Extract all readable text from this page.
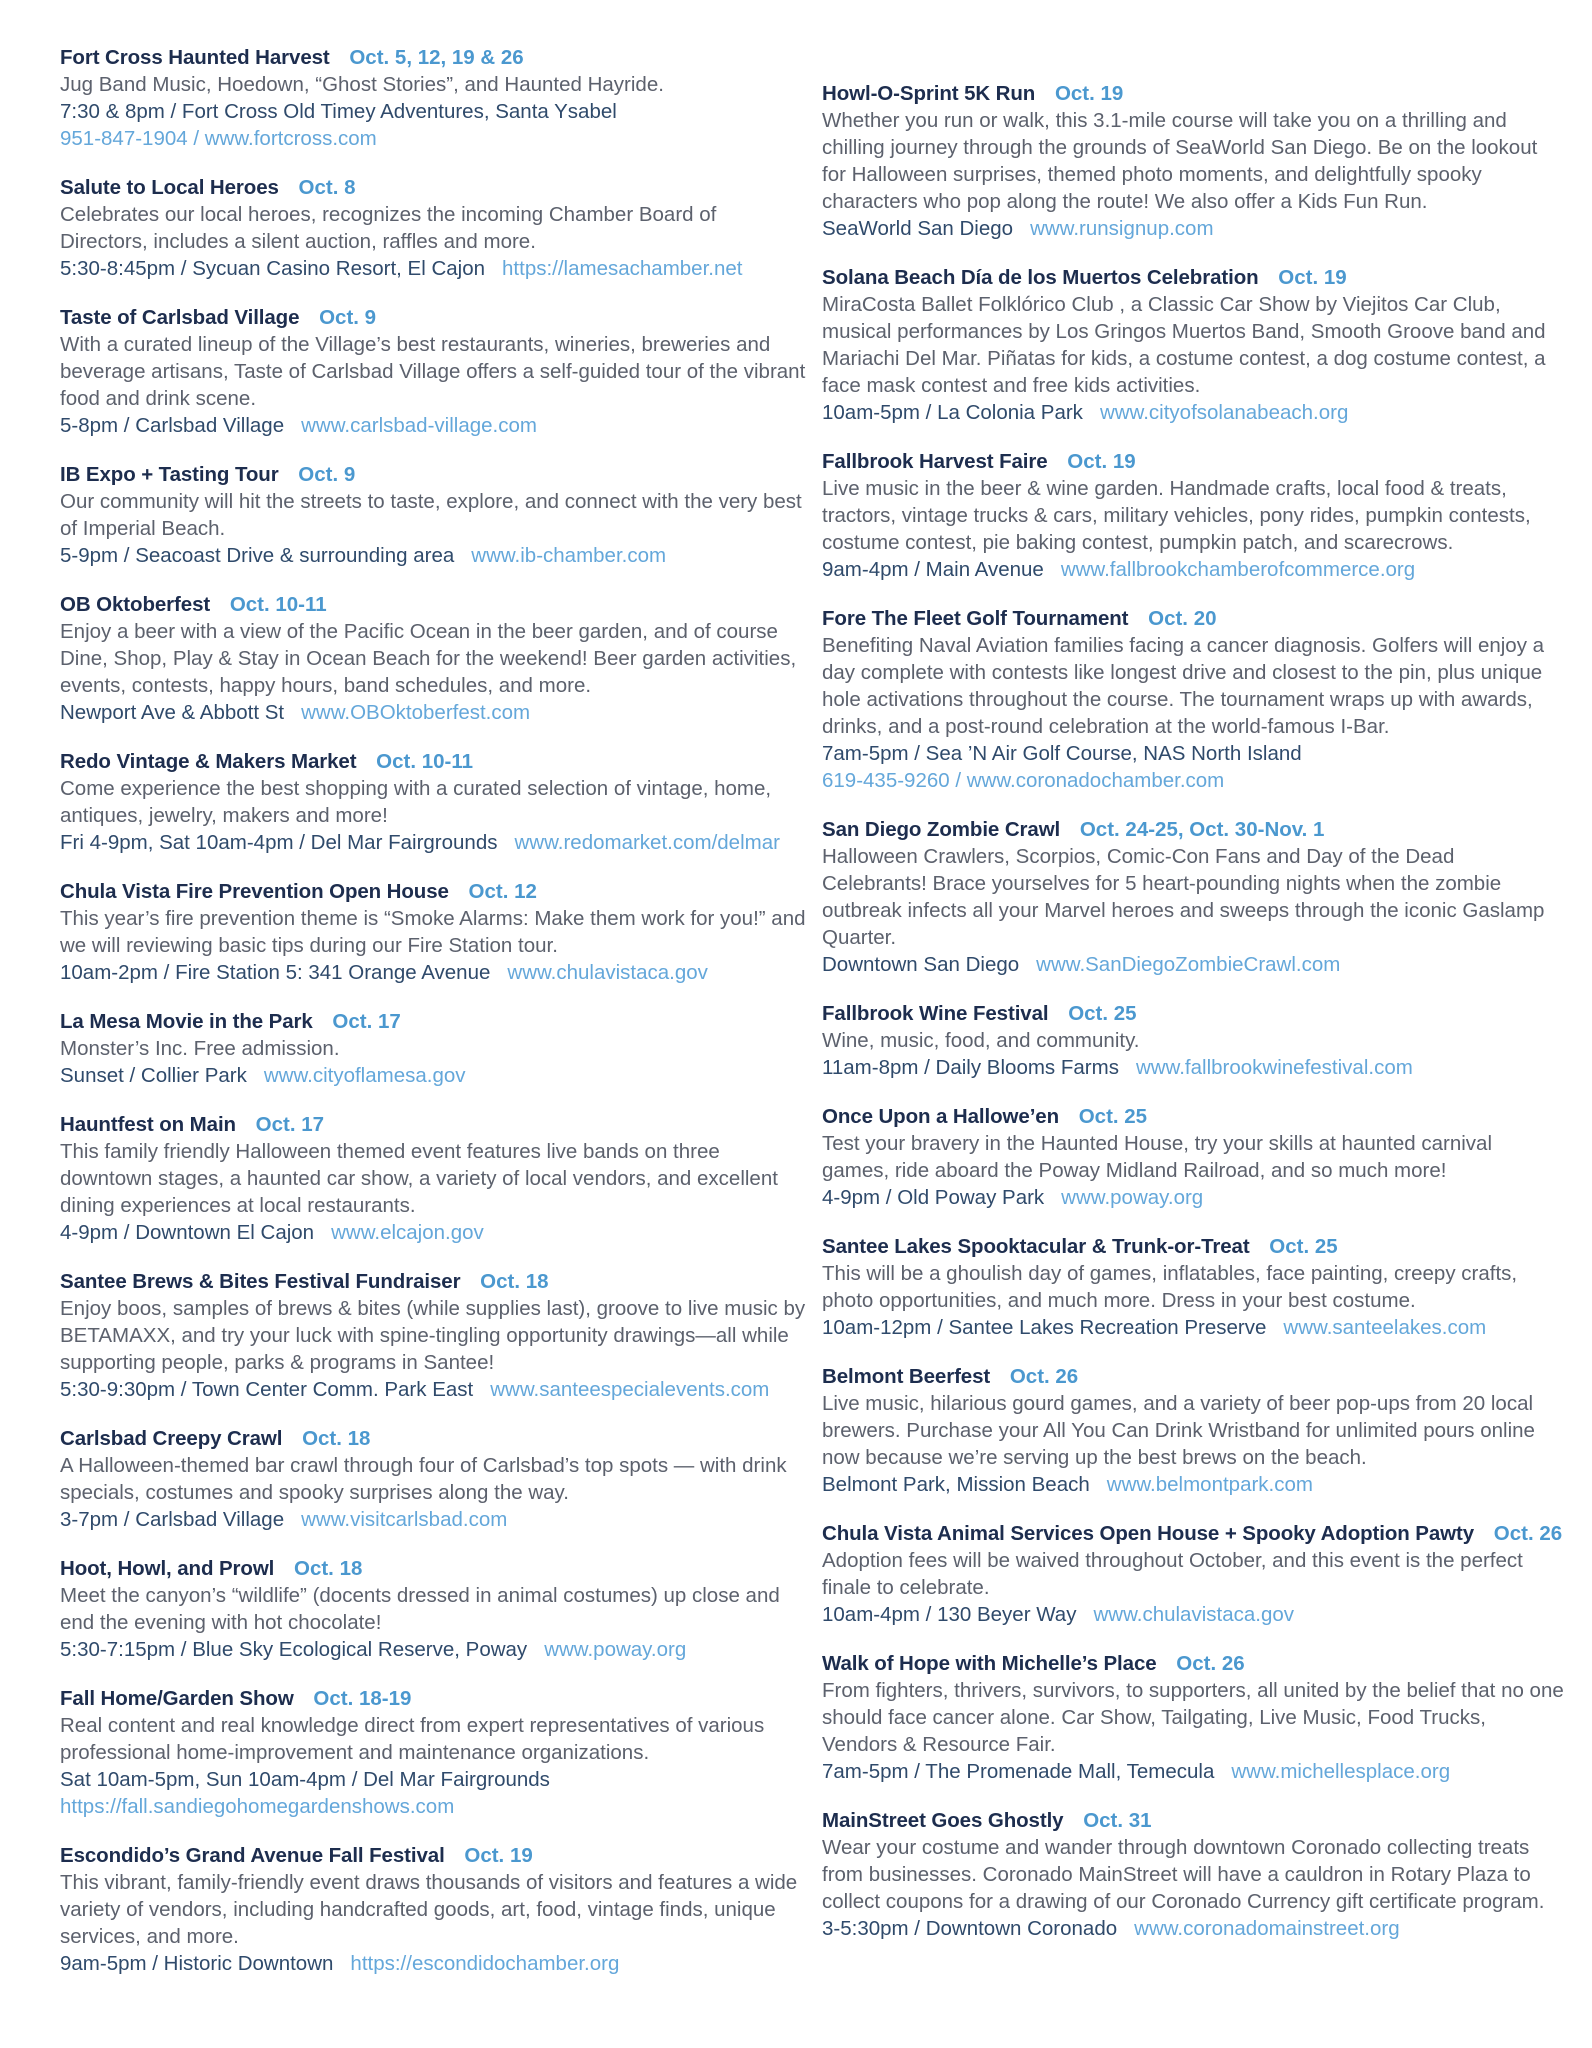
Fort Cross Haunted Harvest Oct. 5, 12, 19 & 26

Jug Band Music, Hoedown, “Ghost Stories”, and Haunted Hayride.

7:30 & 8pm / Fort Cross Old Timey Adventures, Santa Ysabel

951-847-1904 / www.fortcross.com

Salute to Local Heroes Oct. 8

Celebrates our local heroes, recognizes the incoming Chamber Board of Directors, includes a silent auction, raffles and more.

5:30-8:45pm / Sycuan Casino Resort, El Cajon https://lamesachamber.net

Taste of Carlsbad Village Oct. 9

With a curated lineup of the Village’s best restaurants, wineries, breweries and beverage artisans, Taste of Carlsbad Village offers a self-guided tour of the vibrant food and drink scene.

5-8pm / Carlsbad Village www.carlsbad-village.com

IB Expo + Tasting Tour Oct. 9

Our community will hit the streets to taste, explore, and connect with the very best of Imperial Beach.

5-9pm / Seacoast Drive & surrounding area www.ib-chamber.com

OB Oktoberfest Oct. 10-11

Enjoy a beer with a view of the Pacific Ocean in the beer garden, and of course Dine, Shop, Play & Stay in Ocean Beach for the weekend! Beer garden activities, events, contests, happy hours, band schedules, and more.

Newport Ave & Abbott St www.OBOktoberfest.com

Redo Vintage & Makers Market Oct. 10-11

Come experience the best shopping with a curated selection of vintage, home, antiques, jewelry, makers and more!

Fri 4-9pm, Sat 10am-4pm / Del Mar Fairgrounds www.redomarket.com/delmar

Chula Vista Fire Prevention Open House Oct. 12

This year’s fire prevention theme is “Smoke Alarms: Make them work for you!” and we will reviewing basic tips during our Fire Station tour.

10am-2pm / Fire Station 5: 341 Orange Avenue www.chulavistaca.gov

La Mesa Movie in the Park Oct. 17

Monster’s Inc. Free admission.

Sunset / Collier Park www.cityoflamesa.gov

Hauntfest on Main Oct. 17

This family friendly Halloween themed event features live bands on three downtown stages, a haunted car show, a variety of local vendors, and excellent dining experiences at local restaurants.

4-9pm / Downtown El Cajon www.elcajon.gov

Santee Brews & Bites Festival Fundraiser Oct. 18

Enjoy boos, samples of brews & bites (while supplies last), groove to live music by BETAMAXX, and try your luck with spine-tingling opportunity drawings—all while supporting people, parks & programs in Santee!

5:30-9:30pm / Town Center Comm. Park East www.santeespecialevents.com

Carlsbad Creepy Crawl Oct. 18

A Halloween-themed bar crawl through four of Carlsbad’s top spots — with drink specials, costumes and spooky surprises along the way.

3-7pm / Carlsbad Village www.visitcarlsbad.com

Hoot, Howl, and Prowl Oct. 18

Meet the canyon’s “wildlife” (docents dressed in animal costumes) up close and end the evening with hot chocolate!

5:30-7:15pm / Blue Sky Ecological Reserve, Poway www.poway.org

Fall Home/Garden Show Oct. 18-19

Real content and real knowledge direct from expert representatives of various professional home-improvement and maintenance organizations.

Sat 10am-5pm, Sun 10am-4pm / Del Mar Fairgrounds

https://fall.sandiegohomegardenshows.com

Escondido’s Grand Avenue Fall Festival Oct. 19

This vibrant, family-friendly event draws thousands of visitors and features a wide variety of vendors, including handcrafted goods, art, food, vintage finds, unique services, and more.

9am-5pm / Historic Downtown https://escondidochamber.org

Howl-O-Sprint 5K Run Oct. 19

Whether you run or walk, this 3.1-mile course will take you on a thrilling and chilling journey through the grounds of SeaWorld San Diego. Be on the lookout for Halloween surprises, themed photo moments, and delightfully spooky characters who pop along the route! We also offer a Kids Fun Run.

SeaWorld San Diego www.runsignup.com

Solana Beach Día de los Muertos Celebration Oct. 19

MiraCosta Ballet Folklórico Club , a Classic Car Show by Viejitos Car Club, musical performances by Los Gringos Muertos Band, Smooth Groove band and Mariachi Del Mar. Piñatas for kids, a costume contest, a dog costume contest, a face mask contest and free kids activities.

10am-5pm / La Colonia Park www.cityofsolanabeach.org

Fallbrook Harvest Faire Oct. 19

Live music in the beer & wine garden. Handmade crafts, local food & treats, tractors, vintage trucks & cars, military vehicles, pony rides, pumpkin contests, costume contest, pie baking contest, pumpkin patch, and scarecrows.

9am-4pm / Main Avenue www.fallbrookchamberofcommerce.org

Fore The Fleet Golf Tournament Oct. 20

Benefiting Naval Aviation families facing a cancer diagnosis. Golfers will enjoy a day complete with contests like longest drive and closest to the pin, plus unique hole activations throughout the course. The tournament wraps up with awards, drinks, and a post-round celebration at the world-famous I-Bar.

7am-5pm / Sea ’N Air Golf Course, NAS North Island

619-435-9260 / www.coronadochamber.com

San Diego Zombie Crawl Oct. 24-25, Oct. 30-Nov. 1

Halloween Crawlers, Scorpios, Comic-Con Fans and Day of the Dead Celebrants! Brace yourselves for 5 heart-pounding nights when the zombie outbreak infects all your Marvel heroes and sweeps through the iconic Gaslamp Quarter.

Downtown San Diego www.SanDiegoZombieCrawl.com

Fallbrook Wine Festival Oct. 25

Wine, music, food, and community.

11am-8pm / Daily Blooms Farms www.fallbrookwinefestival.com

Once Upon a Hallowe’en Oct. 25

Test your bravery in the Haunted House, try your skills at haunted carnival games, ride aboard the Poway Midland Railroad, and so much more!

4-9pm / Old Poway Park www.poway.org

Santee Lakes Spooktacular & Trunk-or-Treat Oct. 25

This will be a ghoulish day of games, inflatables, face painting, creepy crafts, photo opportunities, and much more. Dress in your best costume.

10am-12pm / Santee Lakes Recreation Preserve www.santeelakes.com

Belmont Beerfest Oct. 26

Live music, hilarious gourd games, and a variety of beer pop-ups from 20 local brewers. Purchase your All You Can Drink Wristband for unlimited pours online now because we’re serving up the best brews on the beach.

Belmont Park, Mission Beach www.belmontpark.com

Chula Vista Animal Services Open House + Spooky Adoption Pawty Oct. 26

Adoption fees will be waived throughout October, and this event is the perfect finale to celebrate.

10am-4pm / 130 Beyer Way www.chulavistaca.gov

Walk of Hope with Michelle’s Place Oct. 26

From fighters, thrivers, survivors, to supporters, all united by the belief that no one should face cancer alone. Car Show, Tailgating, Live Music, Food Trucks, Vendors & Resource Fair.

7am-5pm / The Promenade Mall, Temecula www.michellesplace.org

MainStreet Goes Ghostly Oct. 31

Wear your costume and wander through downtown Coronado collecting treats from businesses. Coronado MainStreet will have a cauldron in Rotary Plaza to collect coupons for a drawing of our Coronado Currency gift certificate program.

3-5:30pm / Downtown Coronado www.coronadomainstreet.org
